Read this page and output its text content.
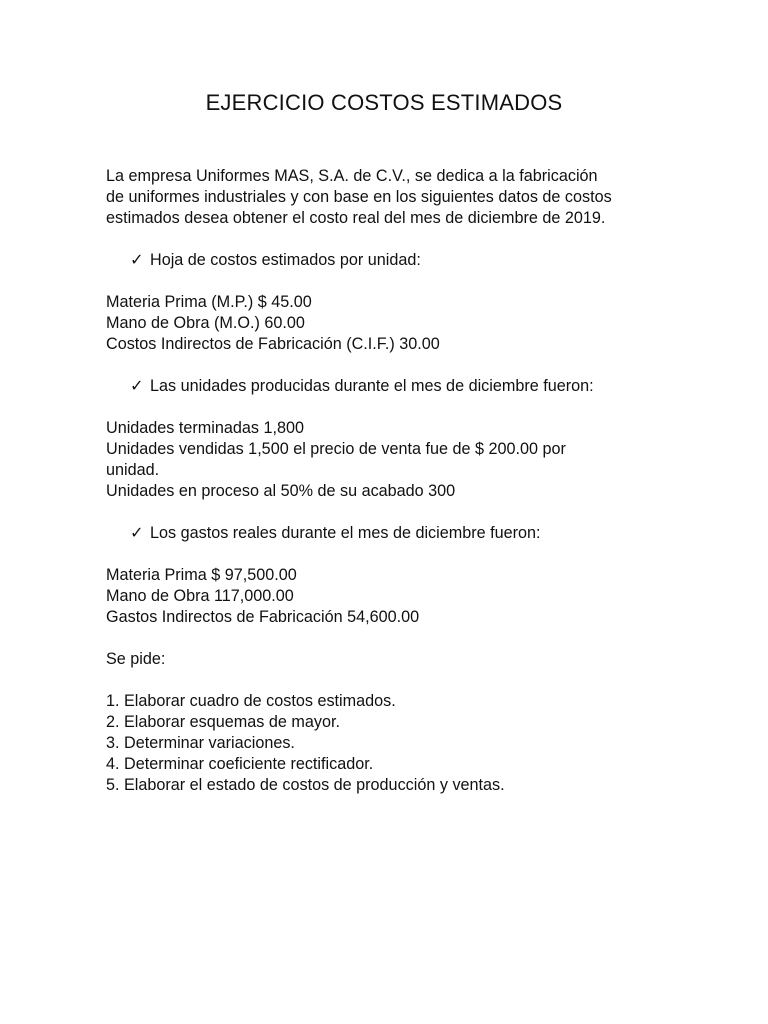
EJERCICIO COSTOS ESTIMADOS
La empresa Uniformes MAS, S.A. de C.V., se dedica a la fabricación
de uniformes industriales y con base en los siguientes datos de costos
estimados desea obtener el costo real del mes de diciembre de 2019.
✓ Hoja de costos estimados por unidad:
Materia Prima (M.P.) $ 45.00
Mano de Obra (M.O.) 60.00
Costos Indirectos de Fabricación (C.I.F.) 30.00
✓ Las unidades producidas durante el mes de diciembre fueron:
Unidades terminadas 1,800
Unidades vendidas 1,500 el precio de venta fue de $ 200.00 por
unidad.
Unidades en proceso al 50% de su acabado 300
✓ Los gastos reales durante el mes de diciembre fueron:
Materia Prima $ 97,500.00
Mano de Obra 117,000.00
Gastos Indirectos de Fabricación 54,600.00
Se pide:
1. Elaborar cuadro de costos estimados.
2. Elaborar esquemas de mayor.
3. Determinar variaciones.
4. Determinar coeficiente rectificador.
5. Elaborar el estado de costos de producción y ventas.
